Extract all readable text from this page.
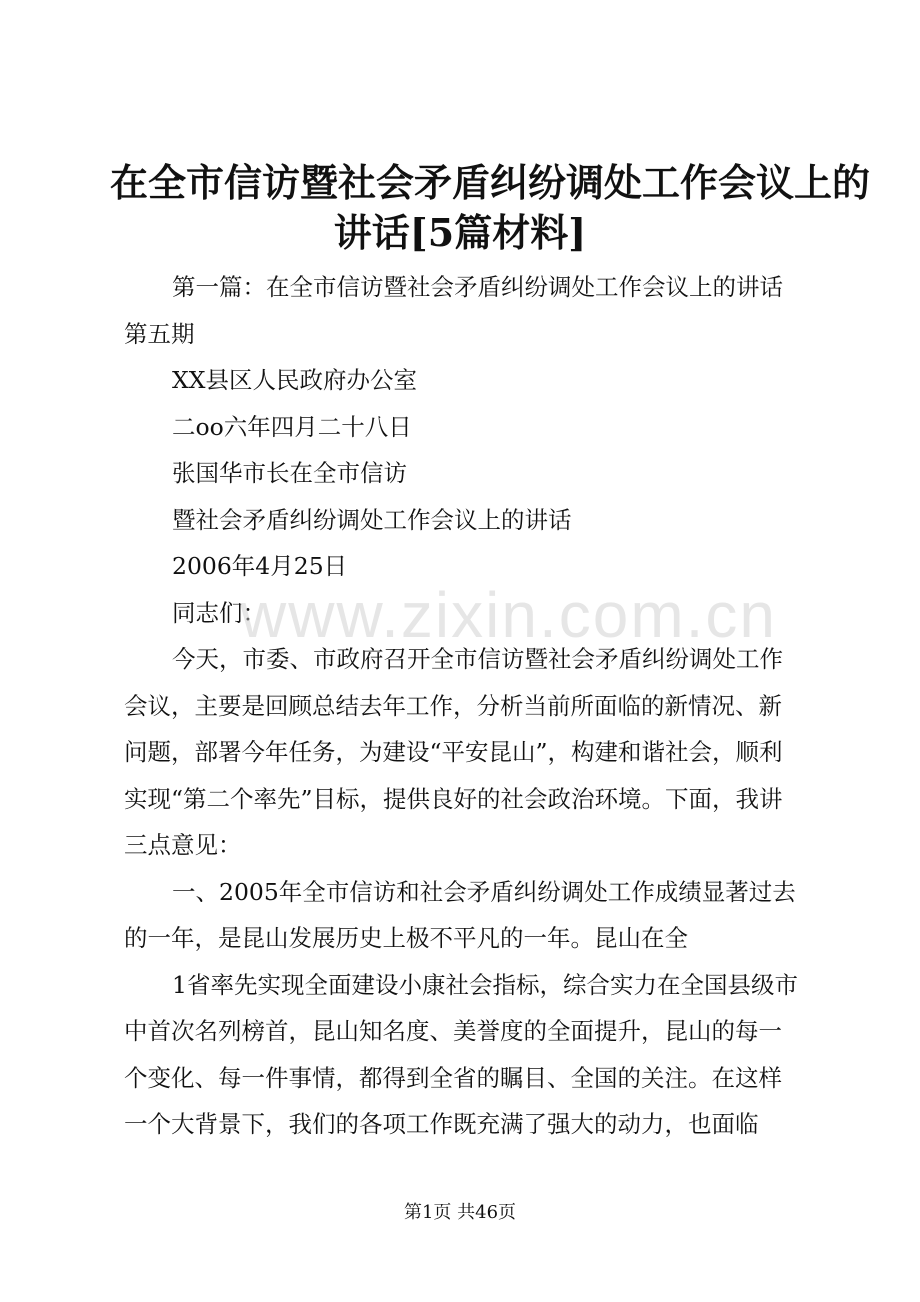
在全市信访暨社会矛盾纠纷调处工作会议上的
讲话[5篇材料]

第一篇：在全市信访暨社会矛盾纠纷调处工作会议上的讲话第五期

XX县区人民政府办公室

二oo六年四月二十八日

张国华市长在全市信访

暨社会矛盾纠纷调处工作会议上的讲话

2006年4月25日

同志们：

今天，市委、市政府召开全市信访暨社会矛盾纠纷调处工作会议，主要是回顾总结去年工作，分析当前所面临的新情况、新问题，部署今年任务，为建设“平安昆山”，构建和谐社会，顺利实现“第二个率先”目标，提供良好的社会政治环境。下面，我讲三点意见：

一、2005年全市信访和社会矛盾纠纷调处工作成绩显著过去的一年，是昆山发展历史上极不平凡的一年。昆山在全

1省率先实现全面建设小康社会指标，综合实力在全国县级市中首次名列榜首，昆山知名度、美誉度的全面提升，昆山的每一个变化、每一件事情，都得到全省的瞩目、全国的关注。在这样一个大背景下，我们的各项工作既充满了强大的动力，也面临

www.zixin.com.cn
第1页 共46页
